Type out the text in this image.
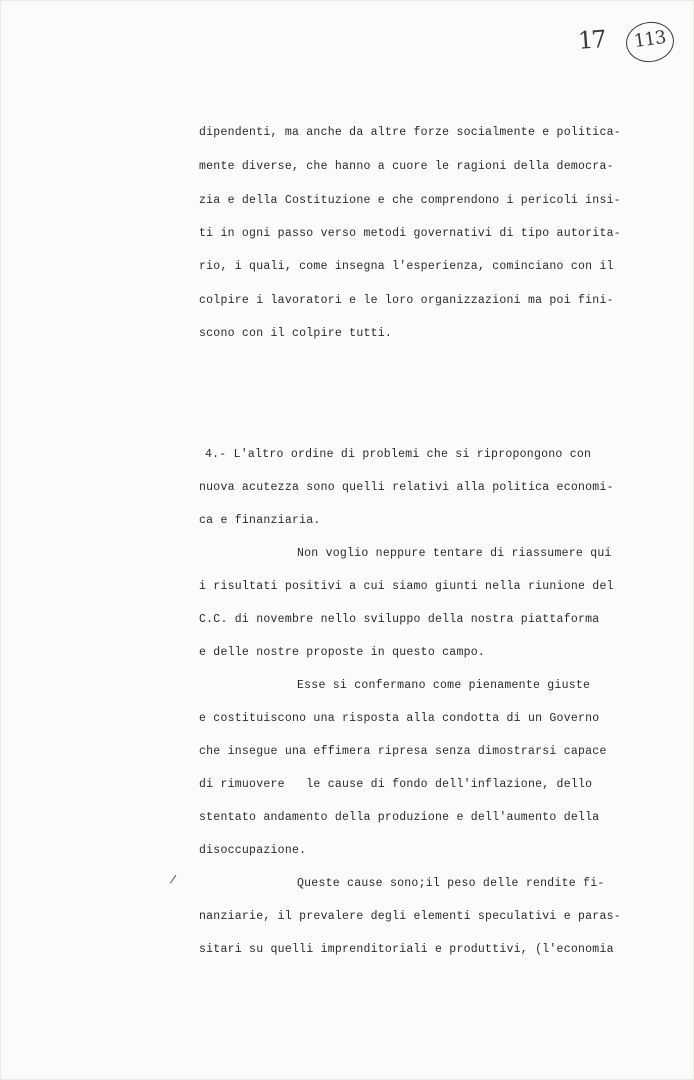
17	113
dipendenti, ma anche da altre forze socialmente e politica-
mente diverse, che hanno a cuore le ragioni della democra-
zia e della Costituzione e che comprendono i pericoli insi-
ti in ogni passo verso metodi governativi di tipo autorita-
rio, i quali, come insegna l'esperienza, cominciano con il
colpire i lavoratori e le loro organizzazioni ma poi fini-
scono con il colpire tutti.
4.- L'altro ordine di problemi che si ripropongono con
nuova acutezza sono quelli relativi alla politica economi-
ca e finanziaria.
Non voglio neppure tentare di riassumere qui
i risultati positivi a cui siamo giunti nella riunione del
C.C. di novembre nello sviluppo della nostra piattaforma
e delle nostre proposte in questo campo.
Esse si confermano come pienamente giuste
e costituiscono una risposta alla condotta di un Governo
che insegue una effimera ripresa senza dimostrarsi capace
di rimuovere   le cause di fondo dell'inflazione, dello
stentato andamento della produzione e dell'aumento della
disoccupazione.
Queste cause sono;il peso delle rendite fi-
nanziarie, il prevalere degli elementi speculativi e paras-
sitari su quelli imprenditoriali e produttivi, (l'economia
